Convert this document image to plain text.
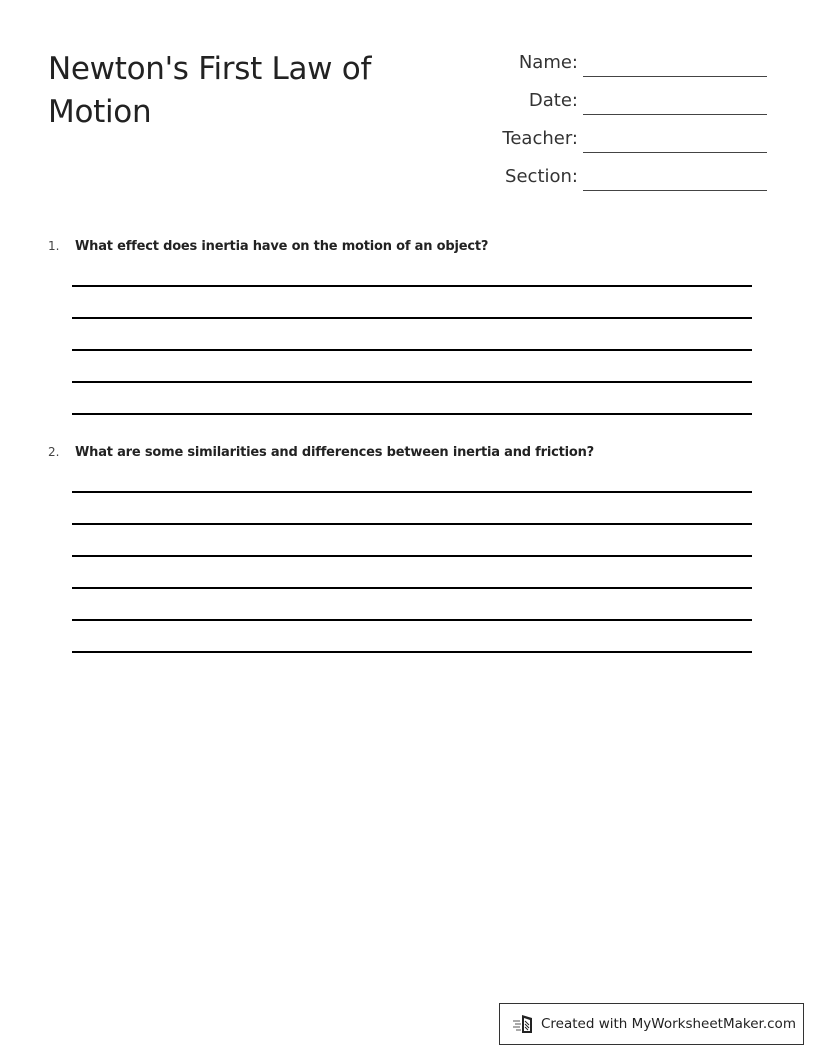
Newton's First Law of Motion
Name:
Date:
Teacher:
Section:
1. What effect does inertia have on the motion of an object?
2. What are some similarities and differences between inertia and friction?
Created with MyWorksheetMaker.com
